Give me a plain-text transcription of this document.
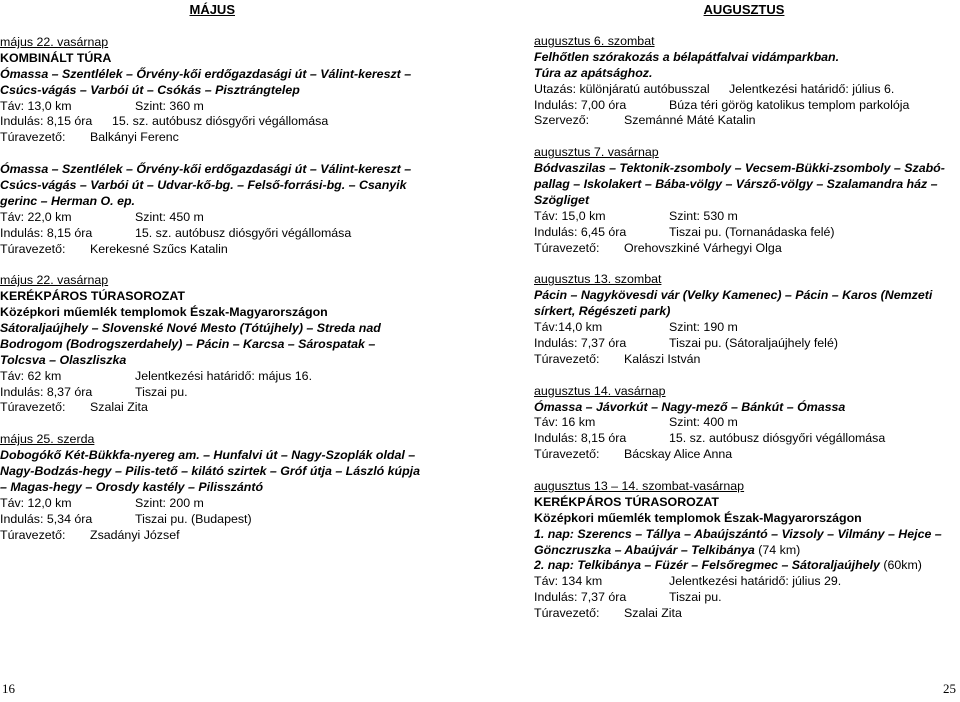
MÁJUS
május 22. vasárnap
KOMBINÁLT TÚRA
Ómassa – Szentlélek – Őrvény-kői erdőgazdasági út – Válint-kereszt –
Csúcs-vágás – Varbói út – Csókás – Pisztrángtelep
Táv: 13,0 km	Szint: 360 m
Indulás: 8,15 óra	15. sz. autóbusz diósgyőri végállomása
Túravezető:	Balkányi Ferenc
Ómassa – Szentlélek – Őrvény-kői erdőgazdasági út – Válint-kereszt –
Csúcs-vágás – Varbói út – Udvar-kő-bg. – Felső-forrási-bg. – Csanyik
gerinc – Herman O. ep.
Táv: 22,0 km	Szint: 450 m
Indulás: 8,15 óra	15. sz. autóbusz diósgyőri végállomása
Túravezető:	Kerekesné Szűcs Katalin
május 22. vasárnap
KERÉKPÁROS TÚRASOROZAT
Középkori műemlék templomok Észak-Magyarországon
Sátoraljaújhely – Slovenské Nové Mesto (Tótújhely) – Streda nad
Bodrogom (Bodrogszerdahely) – Pácin – Karcsa – Sárospatak –
Tolcsva – Olaszliszka
Táv: 62 km	Jelentkezési határidő: május 16.
Indulás: 8,37 óra	Tiszai pu.
Túravezető:	Szalai Zita
május 25. szerda
Dobogókő Két-Bükkfa-nyereg am. – Hunfalvi út – Nagy-Szoplák oldal –
Nagy-Bodzás-hegy – Pilis-tető – kilátó szirtek – Gróf útja – László kúpja
– Magas-hegy – Orosdy kastély – Pilisszántó
Táv: 12,0 km	Szint: 200 m
Indulás: 5,34 óra	Tiszai pu. (Budapest)
Túravezető:	Zsadányi József
AUGUSZTUS
augusztus 6. szombat
Felhőtlen szórakozás a bélapátfalvai vidámparkban.
Túra az apátsághoz.
Utazás: különjáratú autóbusszal	Jelentkezési határidő: július 6.
Indulás: 7,00 óra	Búza téri görög katolikus templom parkolója
Szervező:	Szemánné Máté Katalin
augusztus 7. vasárnap
Bódvaszilas – Tektonik-zsomboly – Vecsem-Bükki-zsomboly – Szabó-
pallag – Iskolakert – Bába-völgy – Vársző-völgy – Szalamandra ház –
Szögliget
Táv: 15,0 km	Szint: 530 m
Indulás: 6,45 óra	Tiszai pu. (Tornanádaska felé)
Túravezető:	Orehovszkiné Várhegyi Olga
augusztus 13. szombat
Pácin – Nagykövesdi vár (Velky Kamenec) – Pácin – Karos (Nemzeti
sírkert, Régészeti park)
Táv:14,0 km	Szint: 190 m
Indulás: 7,37 óra	Tiszai pu. (Sátoraljaújhely felé)
Túravezető:	Kalászi István
augusztus 14. vasárnap
Ómassa – Jávorkút – Nagy-mező – Bánkút – Ómassa
Táv: 16 km	Szint: 400 m
Indulás: 8,15 óra	15. sz. autóbusz diósgyőri végállomása
Túravezető:	Bácskay Alice Anna
augusztus 13 – 14. szombat-vasárnap
KERÉKPÁROS TÚRASOROZAT
Középkori műemlék templomok Észak-Magyarországon
1. nap: Szerencs – Tállya – Abaújszántó – Vizsoly – Vilmány – Hejce –
Gönczruszka – Abaújvár – Telkibánya (74 km)
2. nap: Telkibánya – Füzér – Felsőregmec – Sátoraljaújhely (60km)
Táv: 134 km	Jelentkezési határidő: július 29.
Indulás: 7,37 óra	Tiszai pu.
Túravezető:	Szalai Zita
16	25
